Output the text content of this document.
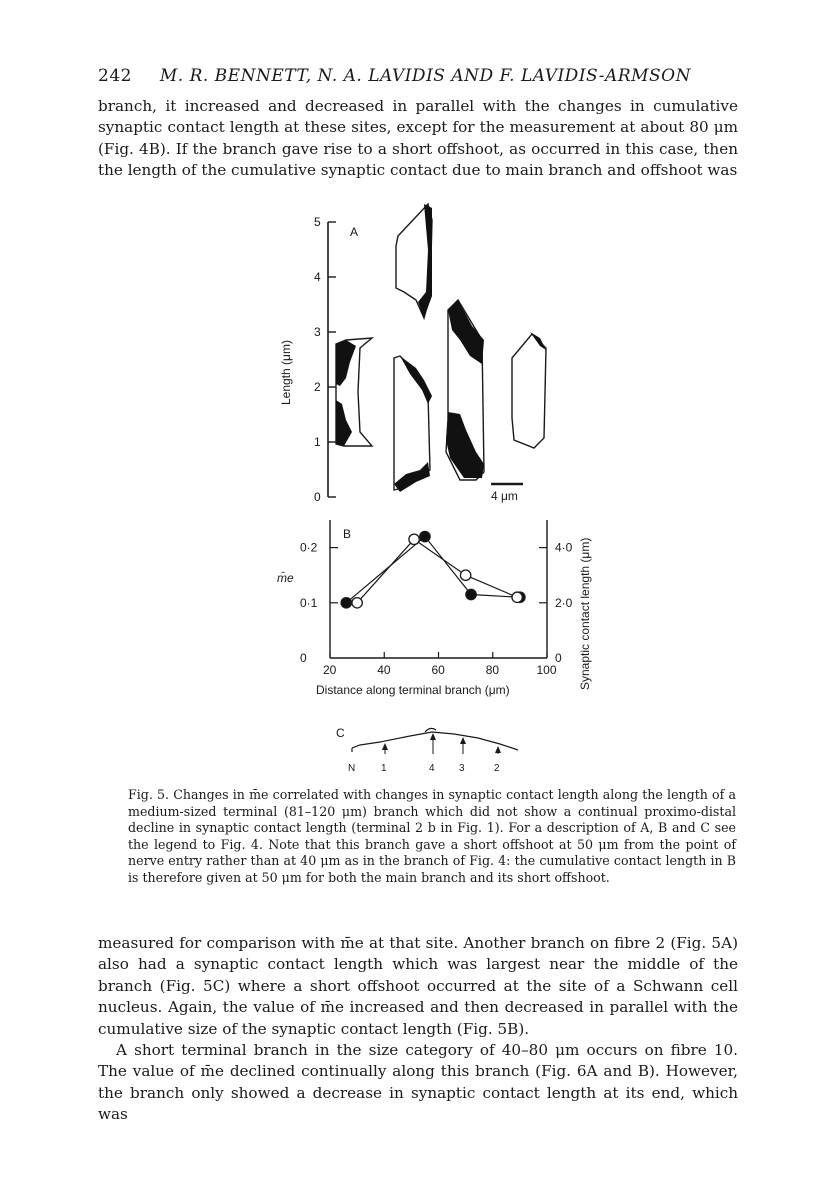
242 M. R. BENNETT, N. A. LAVIDIS AND F. LAVIDIS-ARMSON
branch, it increased and decreased in parallel with the changes in cumulative synaptic contact length at these sites, except for the measurement at about 80 μm (Fig. 4B). If the branch gave rise to a short offshoot, as occurred in this case, then the length of the cumulative synaptic contact due to main branch and offshoot was
A
Length (μm)
0
1
2
3
4
5
4 μm
B
Synaptic contact length (μm)
m̄e
Distance along terminal branch (μm)
0
0·1
0·2
0
2·0
4·0
20	40	60	80	100
C
N	1	4 3	2
Fig. 5. Changes in m̄e correlated with changes in synaptic contact length along the length of a medium-sized terminal (81–120 μm) branch which did not show a continual proximo-distal decline in synaptic contact length (terminal 2 b in Fig. 1). For a description of A, B and C see the legend to Fig. 4. Note that this branch gave a short offshoot at 50 μm from the point of nerve entry rather than at 40 μm as in the branch of Fig. 4: the cumulative contact length in B is therefore given at 50 μm for both the main branch and its short offshoot.
measured for comparison with m̄e at that site. Another branch on fibre 2 (Fig. 5A) also had a synaptic contact length which was largest near the middle of the branch (Fig. 5C) where a short offshoot occurred at the site of a Schwann cell nucleus. Again, the value of m̄e increased and then decreased in parallel with the cumulative size of the synaptic contact length (Fig. 5B).
A short terminal branch in the size category of 40–80 μm occurs on fibre 10. The value of m̄e declined continually along this branch (Fig. 6A and B). However, the branch only showed a decrease in synaptic contact length at its end, which was
